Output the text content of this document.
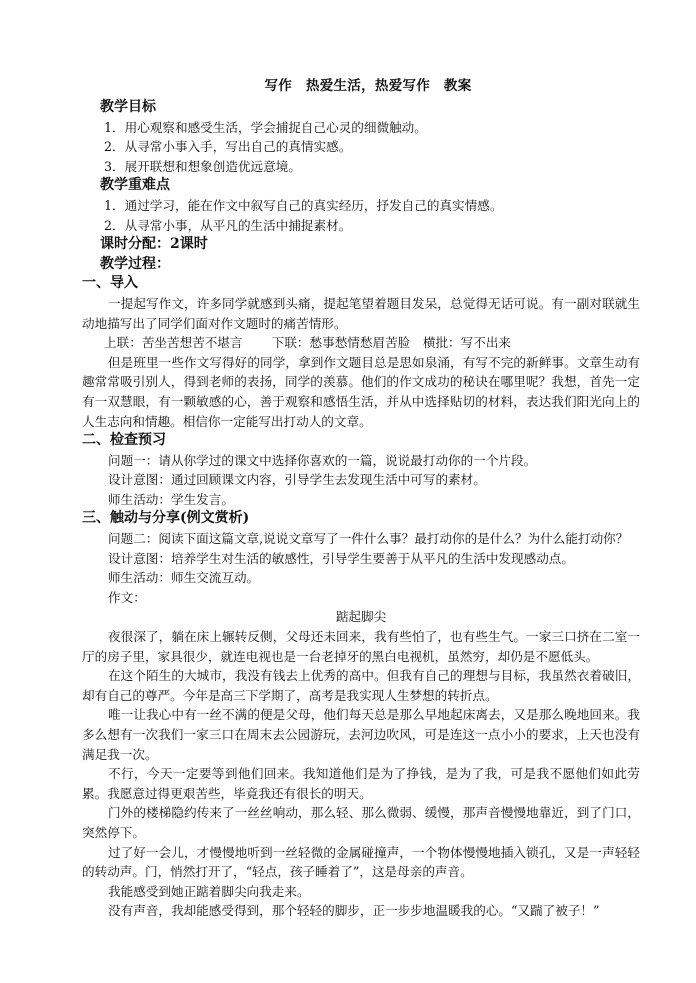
写作　热爱生活，热爱写作　教案
教学目标

1．用心观察和感受生活，学会捕捉自己心灵的细微触动。

2．从寻常小事入手，写出自己的真情实感。

3．展开联想和想象创造优远意境。

教学重难点

1．通过学习，能在作文中叙写自己的真实经历，抒发自己的真实情感。

2．从寻常小事，从平凡的生活中捕捉素材。

课时分配：2课时
教学过程：
一、导入

一提起写作文，许多同学就感到头痛，提起笔望着题目发呆，总觉得无话可说。有一副对联就生动地描写出了同学们面对作文题时的痛苦情形。

上联：苦坐苦想苦不堪言　　 下联：愁事愁情愁眉苦脸　横批：写不出来

但是班里一些作文写得好的同学，拿到作文题目总是思如泉涌，有写不完的新鲜事。文章生动有趣常常吸引别人，得到老师的表扬，同学的羡慕。他们的作文成功的秘诀在哪里呢？我想，首先一定有一双慧眼，有一颗敏感的心，善于观察和感悟生活，并从中选择贴切的材料，表达我们阳光向上的人生志向和情趣。相信你一定能写出打动人的文章。

二、检查预习

问题一：请从你学过的课文中选择你喜欢的一篇，说说最打动你的一个片段。

设计意图：通过回顾课文内容，引导学生去发现生活中可写的素材。

师生活动：学生发言。

三、触动与分享(例文赏析)

问题二：阅读下面这篇文章,说说文章写了一件什么事？最打动你的是什么？为什么能打动你？

设计意图：培养学生对生活的敏感性，引导学生要善于从平凡的生活中发现感动点。

师生活动：师生交流互动。

作文：

踮起脚尖

夜很深了，躺在床上辗转反侧，父母还未回来，我有些怕了，也有些生气。一家三口挤在二室一厅的房子里，家具很少，就连电视也是一台老掉牙的黑白电视机，虽然穷，却仍是不愿低头。

在这个陌生的大城市，我没有钱去上优秀的高中。但我有自己的理想与目标，我虽然衣着破旧，却有自己的尊严。今年是高三下学期了，高考是我实现人生梦想的转折点。

唯一让我心中有一丝不满的便是父母，他们每天总是那么早地起床离去，又是那么晚地回来。我多么想有一次我们一家三口在周末去公园游玩，去河边吹风，可是连这一点小小的要求，上天也没有满足我一次。

不行，今天一定要等到他们回来。我知道他们是为了挣钱，是为了我，可是我不愿他们如此劳累。我愿意过得更艰苦些，毕竟我还有很长的明天。

门外的楼梯隐约传来了一丝丝响动，那么轻、那么微弱、缓慢，那声音慢慢地靠近，到了门口，突然停下。

过了好一会儿，才慢慢地听到一丝轻微的金属碰撞声，一个物体慢慢地插入锁孔，又是一声轻轻的转动声。门，悄然打开了，“轻点，孩子睡着了”，这是母亲的声音。

我能感受到她正踮着脚尖向我走来。

没有声音，我却能感受得到，那个轻轻的脚步，正一步步地温暖我的心。“又踹了被子！”
